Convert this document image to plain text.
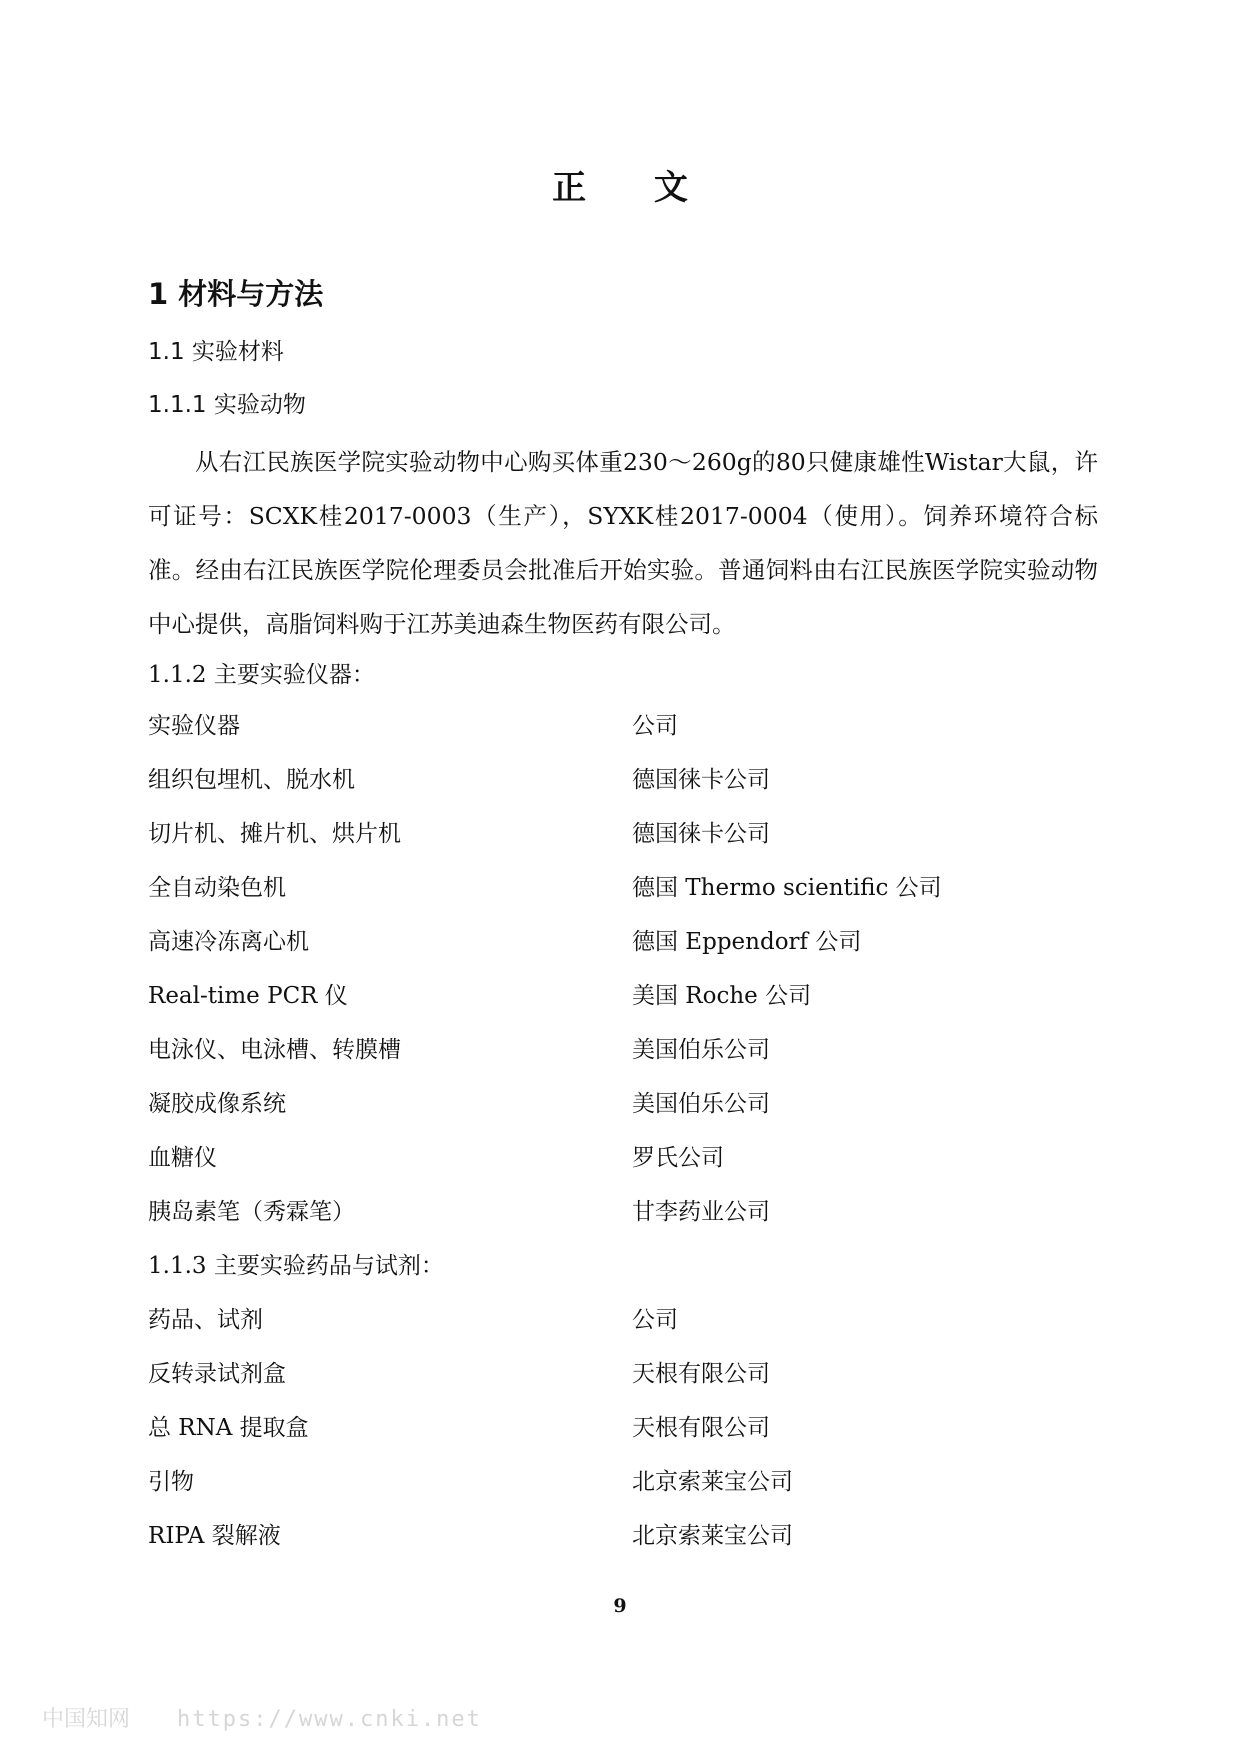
正 文
1 材料与方法
1.1 实验材料
1.1.1 实验动物
从右江民族医学院实验动物中心购买体重230～260g的80只健康雄性Wistar大鼠，许可证号：SCXK桂2017-0003（生产），SYXK桂2017-0004（使用）。饲养环境符合标准。经由右江民族医学院伦理委员会批准后开始实验。普通饲料由右江民族医学院实验动物中心提供，高脂饲料购于江苏美迪森生物医药有限公司。
1.1.2 主要实验仪器：
实验仪器	公司
组织包埋机、脱水机	德国徕卡公司
切片机、摊片机、烘片机	德国徕卡公司
全自动染色机	德国 Thermo scientific 公司
高速冷冻离心机	德国 Eppendorf 公司
Real-time PCR 仪	美国 Roche 公司
电泳仪、电泳槽、转膜槽	美国伯乐公司
凝胶成像系统	美国伯乐公司
血糖仪	罗氏公司
胰岛素笔（秀霖笔）	甘李药业公司
1.1.3 主要实验药品与试剂：
药品、试剂	公司
反转录试剂盒	天根有限公司
总 RNA 提取盒	天根有限公司
引物	北京索莱宝公司
RIPA 裂解液	北京索莱宝公司
9
中国知网 https://www.cnki.net
